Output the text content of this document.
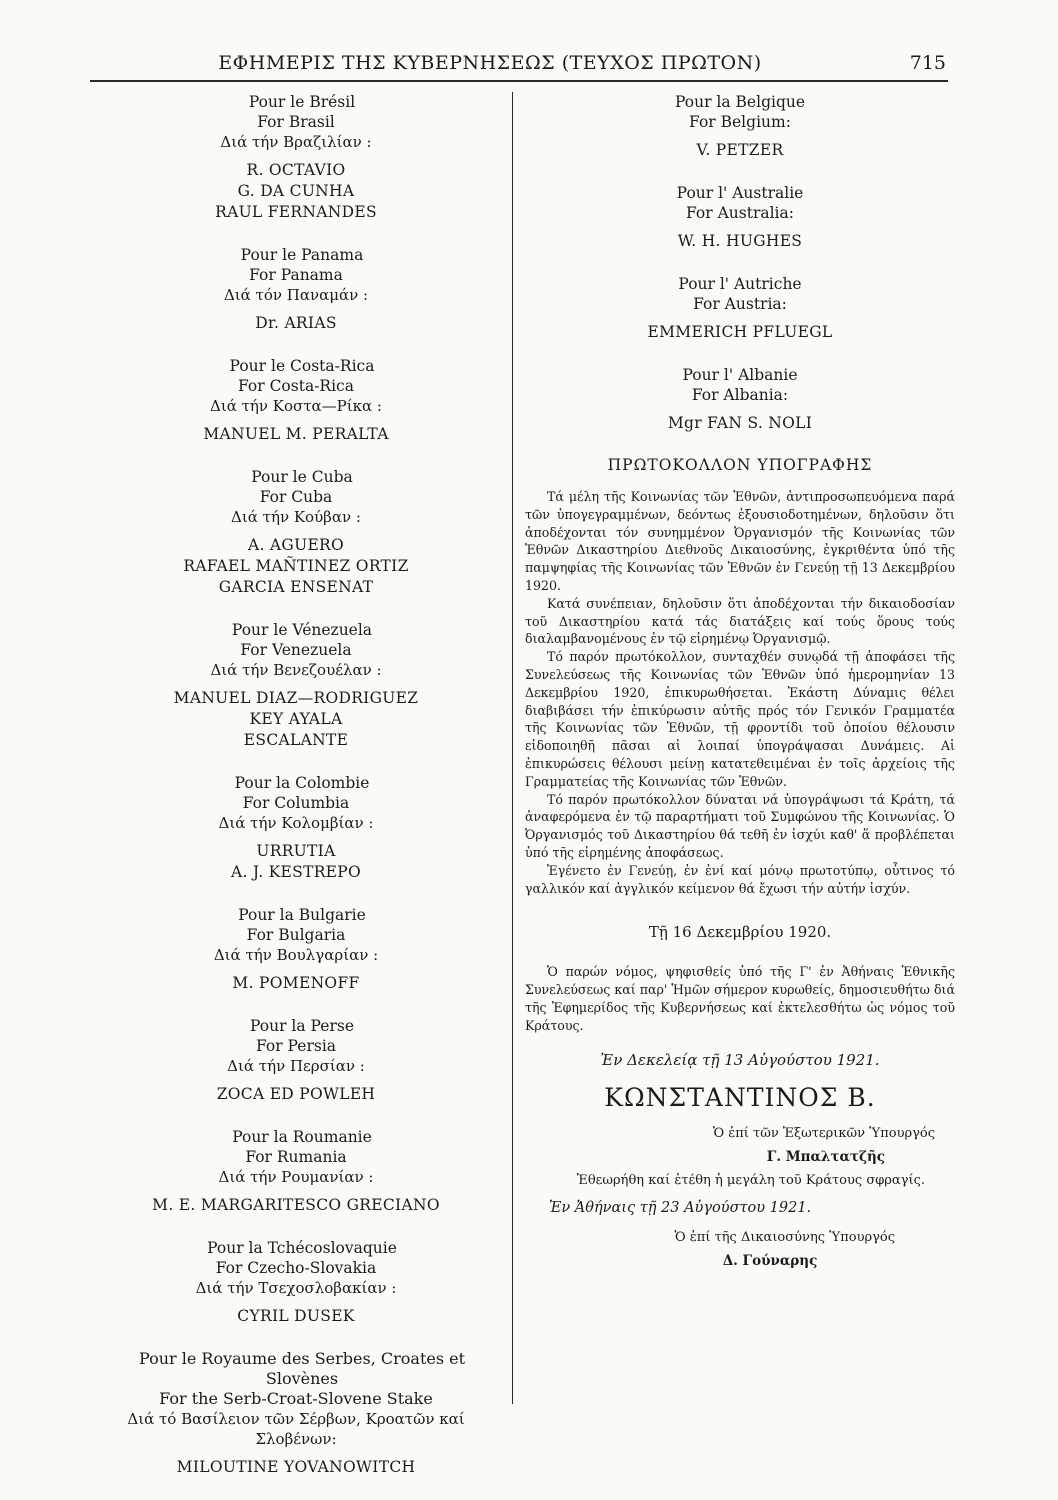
ΕΦΗΜΕΡΙΣ ΤΗΣ ΚΥΒΕΡΝΗΣΕΩΣ (ΤΕΥΧΟΣ ΠΡΩΤΟΝ)	715
Pour le Brésil
For Brasil
Διά τήν Βραζιλίαν :
R. OCTAVIO
G. DA CUNHA
RAUL FERNANDES
Pour le Panama
For Panama
Διά τόν Παναμάν :
Dr. ARIAS
Pour le Costa-Rica
For Costa-Rica
Διά τήν Κοστα—Ρίκα :
MANUEL M. PERALTA
Pour le Cuba
For Cuba
Διά τήν Κούβαν :
A. AGUERO
RAFAEL MAÑTINEZ ORTIZ
GARCIA ENSENAT
Pour le Vénezuela
For Venezuela
Διά τήν Βενεζουέλαν :
MANUEL DIAZ—RODRIGUEZ
KEY AYALA
ESCALANTE
Pour la Colombie
For Columbia
Διά τήν Κολομβίαν :
URRUTIA
A. J. KESTREPO
Pour la Bulgarie
For Bulgaria
Διά τήν Βουλγαρίαν :
M. POMENOFF
Pour la Perse
For Persia
Διά τήν Περσίαν :
ZOCA ED POWLEH
Pour la Roumanie
For Rumania
Διά τήν Ρουμανίαν :
M. E. MARGARITESCO GRECIANO
Pour la Tchécoslovaquie
For Czecho-Slovakia
Διά τήν Τσεχοσλοβακίαν :
CYRIL DUSEK
Pour le Royaume des Serbes, Croates et Slovènes
For the Serb-Croat-Slovene Stake
Διά τό Βασίλειον τῶν Σέρβων, Κροατῶν καί Σλοβένων:
MILOUTINE YOVANOWITCH
Pour la Belgique
For Belgium:
V. PETZER
Pour l' Australie
For Australia:
W. H. HUGHES
Pour l' Autriche
For Austria:
EMMERICH PFLUEGL
Pour l' Albanie
For Albania:
Mgr FAN S. NOLI
ΠΡΩΤΟΚΟΛΛΟΝ ΥΠΟΓΡΑΦΗΣ

Τά μέλη τῆς Κοινωνίας τῶν Ἐθνῶν, ἀντιπροσωπευόμενα παρά τῶν ὑπογεγραμμένων, δεόντως ἐξουσιοδοτημένων, δηλοῦσιν ὅτι ἀποδέχονται τόν συνημμένον Ὀργανισμόν τῆς Κοινωνίας τῶν Ἐθνῶν Δικαστηρίου Διεθνοῦς Δικαιοσύνης, ἐγκριθέντα ὑπό τῆς παμψηφίας τῆς Κοινωνίας τῶν Ἐθνῶν ἐν Γενεύῃ τῇ 13 Δεκεμβρίου 1920.

Κατά συνέπειαν, δηλοῦσιν ὅτι ἀποδέχονται τήν δικαιοδοσίαν τοῦ Δικαστηρίου κατά τάς διατάξεις καί τούς ὅρους τούς διαλαμβανομένους ἐν τῷ εἰρημένῳ Ὀργανισμῷ.

Τό παρόν πρωτόκολλον, συνταχθέν συνῳδά τῇ ἀποφάσει τῆς Συνελεύσεως τῆς Κοινωνίας τῶν Ἐθνῶν ὑπό ἡμερομηνίαν 13 Δεκεμβρίου 1920, ἐπικυρωθήσεται. Ἑκάστη Δύναμις θέλει διαβιβάσει τήν ἐπικύρωσιν αὐτῆς πρός τόν Γενικόν Γραμματέα τῆς Κοινωνίας τῶν Ἐθνῶν, τῇ φροντίδι τοῦ ὁποίου θέλουσιν εἰδοποιηθῆ πᾶσαι αἱ λοιπαί ὑπογράψασαι Δυνάμεις. Αἱ ἐπικυρώσεις θέλουσι μείνῃ κατατεθειμέναι ἐν τοῖς ἀρχείοις τῆς Γραμματείας τῆς Κοινωνίας τῶν Ἐθνῶν.

Τό παρόν πρωτόκολλον δύναται νά ὑπογράψωσι τά Κράτη, τά ἀναφερόμενα ἐν τῷ παραρτήματι τοῦ Συμφώνου τῆς Κοινωνίας. Ὁ Ὀργανισμός τοῦ Δικαστηρίου θά τεθῆ ἐν ἰσχύι καθ' ἅ προβλέπεται ὑπό τῆς εἰρημένης ἀποφάσεως.

Ἐγένετο ἐν Γενεύῃ, ἐν ἑνί καί μόνῳ πρωτοτύπῳ, οὗτινος τό γαλλικόν καί ἀγγλικόν κείμενον θά ἔχωσι τήν αὐτήν ἰσχύν.

Τῇ 16 Δεκεμβρίου 1920.

Ὁ παρών νόμος, ψηφισθείς ὑπό τῆς Γ' ἐν Ἀθήναις Ἐθνικῆς Συνελεύσεως καί παρ' Ἡμῶν σήμερον κυρωθείς, δημοσιευθήτω διά τῆς Ἐφημερίδος τῆς Κυβερνήσεως καί ἐκτελεσθήτω ὡς νόμος τοῦ Κράτους.

Ἐν Δεκελείᾳ τῇ 13 Αὐγούστου 1921.
ΚΩΝΣΤΑΝΤΙΝΟΣ Β.
Ὁ ἐπί τῶν Ἐξωτερικῶν Ὑπουργός
Γ. Μπαλτατζῆς
Ἐθεωρήθη καί ἐτέθη ἡ μεγάλη τοῦ Κράτους σφραγίς.
Ἐν Ἀθήναις τῇ 23 Αὐγούστου 1921.
Ὁ ἐπί τῆς Δικαιοσύνης Ὑπουργός
Δ. Γούναρης
